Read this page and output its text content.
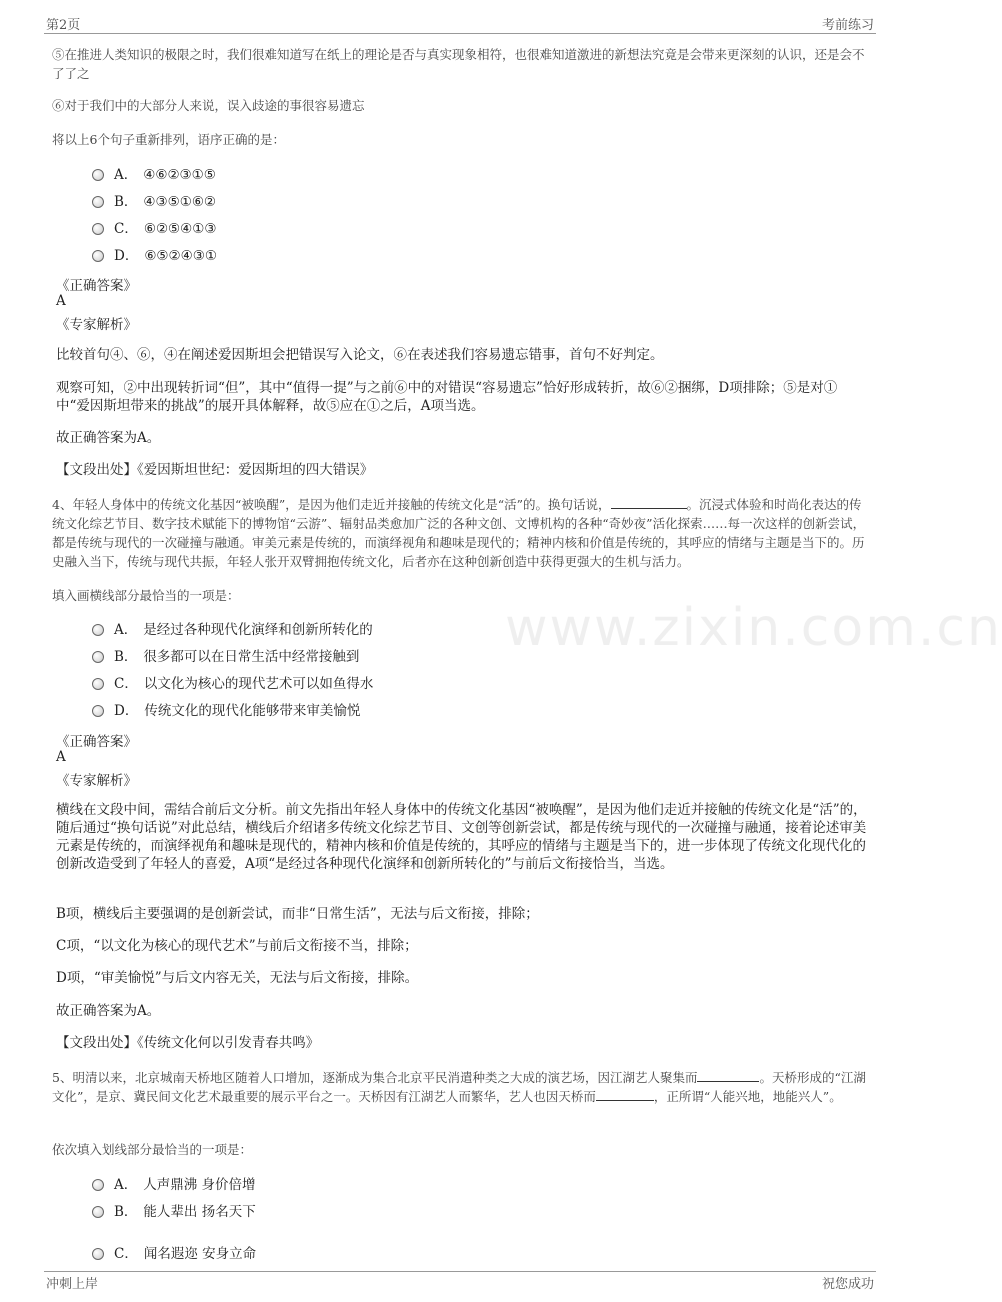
第2页	考前练习
www.zixin.com.cn

⑤在推进人类知识的极限之时，我们很难知道写在纸上的理论是否与真实现象相符，也很难知道激进的新想法究竟是会带来更深刻的认识，还是会不了了之

⑥对于我们中的大部分人来说，误入歧途的事很容易遗忘

将以上6个句子重新排列，语序正确的是：

A． ④⑥②③①⑤
B． ④③⑤①⑥②
C． ⑥②⑤④①③
D． ⑥⑤②④③①
《正确答案》
A
《专家解析》

比较首句④、⑥，④在阐述爱因斯坦会把错误写入论文，⑥在表述我们容易遗忘错事，首句不好判定。

观察可知，②中出现转折词“但”，其中“值得一提”与之前⑥中的对错误“容易遗忘”恰好形成转折，故⑥②捆绑，D项排除；⑤是对①中“爱因斯坦带来的挑战”的展开具体解释，故⑤应在①之后，A项当选。

故正确答案为A。

【文段出处】《爱因斯坦世纪：爱因斯坦的四大错误》

4、年轻人身体中的传统文化基因“被唤醒”，是因为他们走近并接触的传统文化是“活”的。换句话说，	。沉浸式体验和时尚化表达的传统文化综艺节目、数字技术赋能下的博物馆“云游”、辐射品类愈加广泛的各种文创、文博机构的各种“奇妙夜”活化探索……每一次这样的创新尝试，都是传统与现代的一次碰撞与融通。审美元素是传统的，而演绎视角和趣味是现代的；精神内核和价值是传统的，其呼应的情绪与主题是当下的。历史融入当下，传统与现代共振，年轻人张开双臂拥抱传统文化，后者亦在这种创新创造中获得更强大的生机与活力。

填入画横线部分最恰当的一项是：

A． 是经过各种现代化演绎和创新所转化的
B． 很多都可以在日常生活中经常接触到
C． 以文化为核心的现代艺术可以如鱼得水
D． 传统文化的现代化能够带来审美愉悦
《正确答案》
A
《专家解析》

横线在文段中间，需结合前后文分析。前文先指出年轻人身体中的传统文化基因“被唤醒”，是因为他们走近并接触的传统文化是“活”的，随后通过“换句话说”对此总结，横线后介绍诸多传统文化综艺节目、文创等创新尝试，都是传统与现代的一次碰撞与融通，接着论述审美元素是传统的，而演绎视角和趣味是现代的，精神内核和价值是传统的，其呼应的情绪与主题是当下的，进一步体现了传统文化现代化的创新改造受到了年轻人的喜爱，A项“是经过各种现代化演绎和创新所转化的”与前后文衔接恰当，当选。

B项，横线后主要强调的是创新尝试，而非“日常生活”，无法与后文衔接，排除；

C项，“以文化为核心的现代艺术”与前后文衔接不当，排除；

D项，“审美愉悦”与后文内容无关，无法与后文衔接，排除。

故正确答案为A。

【文段出处】《传统文化何以引发青春共鸣》

5、明清以来，北京城南天桥地区随着人口增加，逐渐成为集合北京平民消遣种类之大成的演艺场，因江湖艺人聚集而	。天桥形成的“江湖文化”，是京、冀民间文化艺术最重要的展示平台之一。天桥因有江湖艺人而繁华，艺人也因天桥而	，正所谓“人能兴地，地能兴人”。

依次填入划线部分最恰当的一项是：

A． 人声鼎沸 身价倍增
B． 能人辈出 扬名天下
C． 闻名遐迩 安身立命
冲刺上岸	祝您成功
